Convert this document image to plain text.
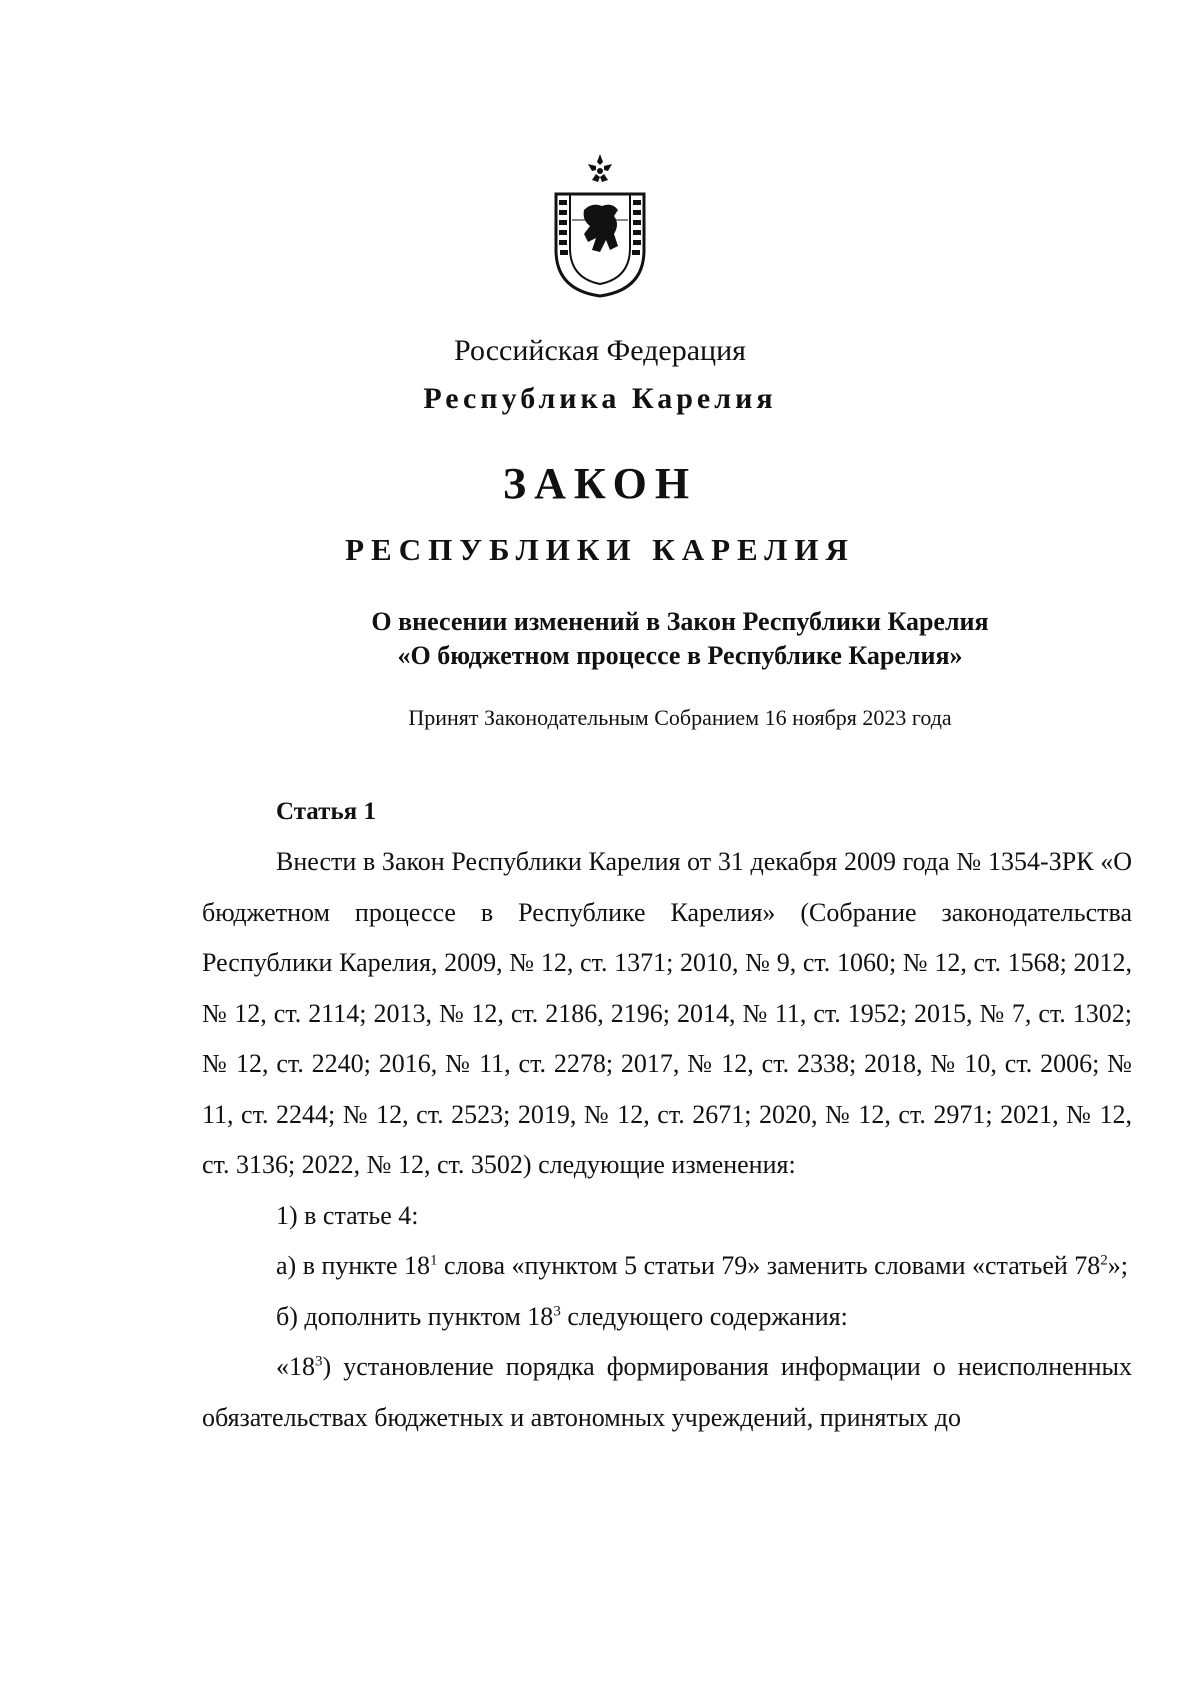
Российская Федерация
Республика Карелия
ЗАКОН
РЕСПУБЛИКИ КАРЕЛИЯ
О внесении изменений в Закон Республики Карелия
«О бюджетном процессе в Республике Карелия»
Принят Законодательным Собранием 16 ноября 2023 года
Статья 1

Внести в Закон Республики Карелия от 31 декабря 2009 года № 1354-ЗРК «О бюджетном процессе в Республике Карелия» (Собрание законодательства Республики Карелия, 2009, № 12, ст. 1371; 2010, № 9, ст. 1060; № 12, ст. 1568; 2012, № 12, ст. 2114; 2013, № 12, ст. 2186, 2196; 2014, № 11, ст. 1952; 2015, № 7, ст. 1302; № 12, ст. 2240; 2016, № 11, ст. 2278; 2017, № 12, ст. 2338; 2018, № 10, ст. 2006; № 11, ст. 2244; № 12, ст. 2523; 2019, № 12, ст. 2671; 2020, № 12, ст. 2971; 2021, № 12, ст. 3136; 2022, № 12, ст. 3502) следующие изменения:

1) в статье 4:

а) в пункте $18^1$ слова «пунктом 5 статьи 79» заменить словами «статьей $78^2$»;

б) дополнить пунктом $18^3$ следующего содержания:

«$18^3$) установление порядка формирования информации о неисполненных обязательствах бюджетных и автономных учреждений, принятых до
